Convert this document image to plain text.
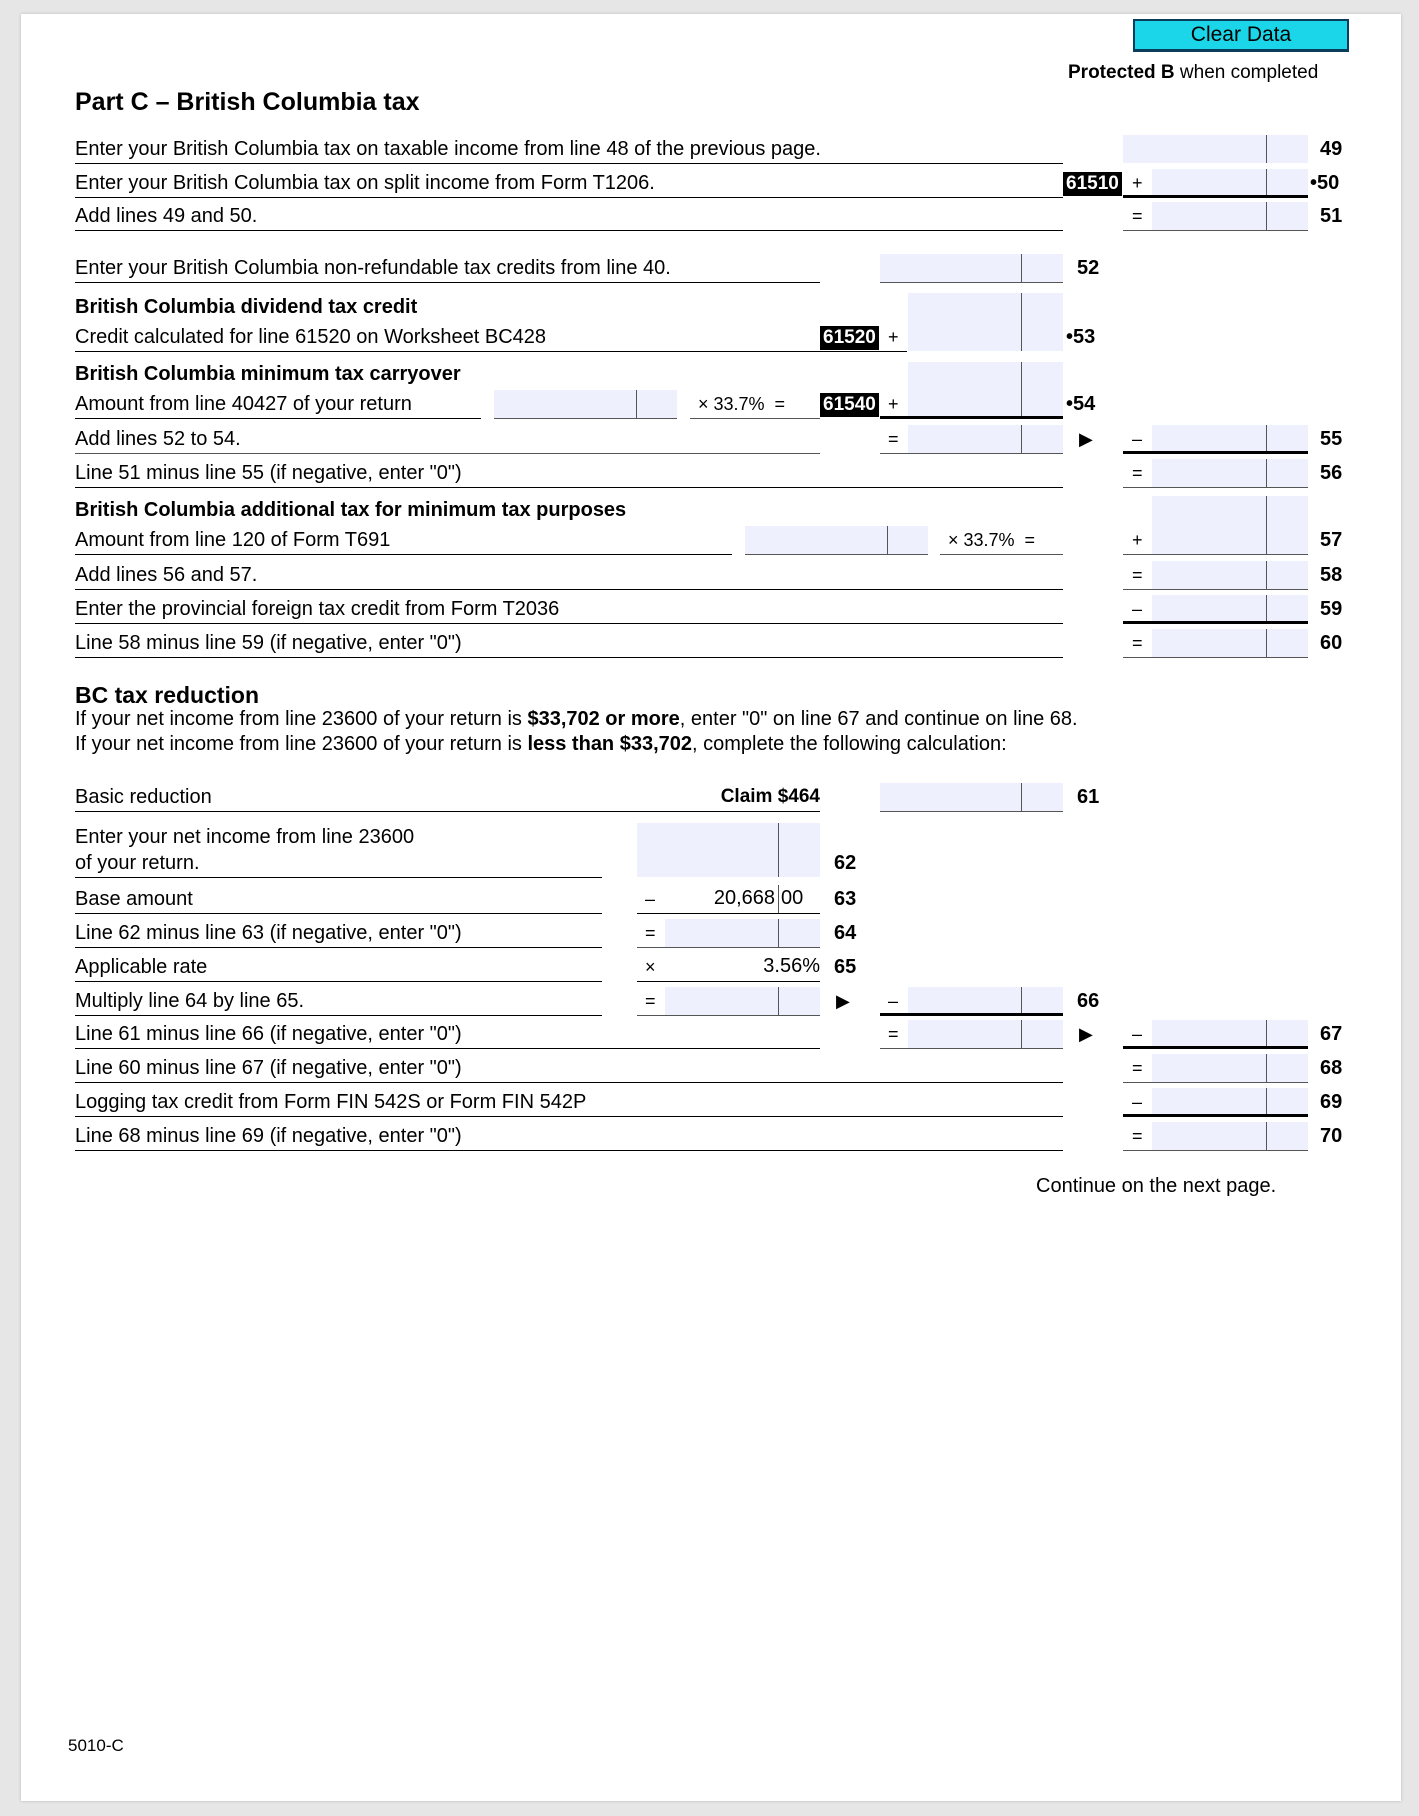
Clear Data
Protected B when completed
Part C – British Columbia tax
Enter your British Columbia tax on taxable income from line 48 of the previous page.	49
Enter your British Columbia tax on split income from Form T1206.	61510 +	•50
Add lines 49 and 50.	=	51
Enter your British Columbia non-refundable tax credits from line 40.	52
British Columbia dividend tax credit
Credit calculated for line 61520 on Worksheet BC428	61520 +	•53
British Columbia minimum tax carryover
Amount from line 40427 of your return	× 33.7%  = 61540 +	•54
Add lines 52 to 54.	=	▶ –	55
Line 51 minus line 55 (if negative, enter "0")	=	56
British Columbia additional tax for minimum tax purposes
Amount from line 120 of Form T691	× 33.7%  =	+	57
Add lines 56 and 57.	=	58
Enter the provincial foreign tax credit from Form T2036	–	59
Line 58 minus line 59 (if negative, enter "0")	=	60
BC tax reduction
If your net income from line 23600 of your return is $33,702 or more, enter "0" on line 67 and continue on line 68.
If your net income from line 23600 of your return is less than $33,702, complete the following calculation:
Basic reduction	Claim $464	61
Enter your net income from line 23600
of your return.	62
Base amount	–	20,668 00 63
Line 62 minus line 63 (if negative, enter "0")	=	64
Applicable rate	×	3.56% 65
Multiply line 64 by line 65.	=	▶ –	66
Line 61 minus line 66 (if negative, enter "0")	=	▶ –	67
Line 60 minus line 67 (if negative, enter "0")	=	68
Logging tax credit from Form FIN 542S or Form FIN 542P	–	69
Line 68 minus line 69 (if negative, enter "0")	=	70
Continue on the next page.
5010-C
